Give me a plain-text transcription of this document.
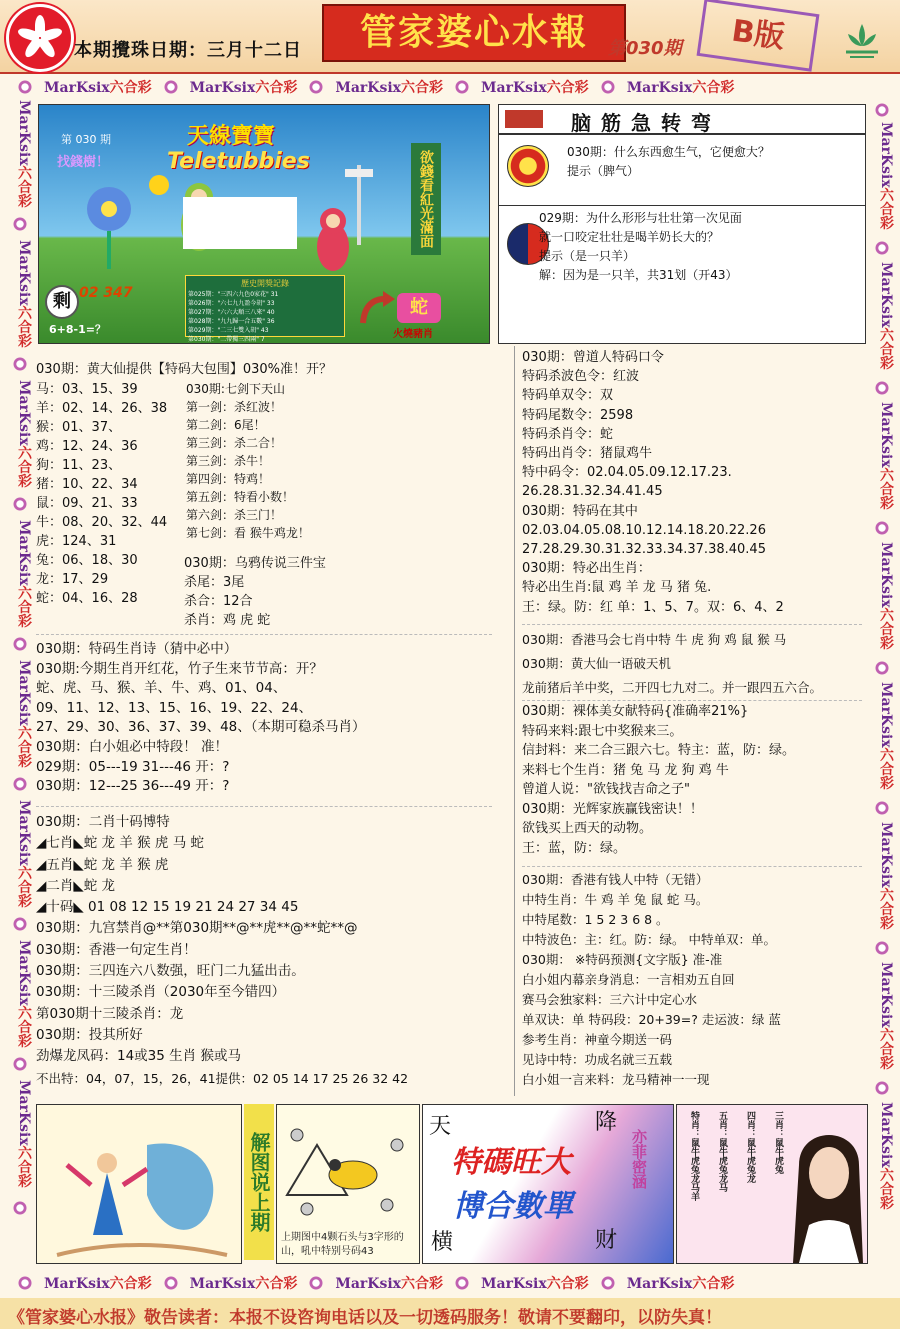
本期攪珠日期：三月十二日	管家婆心水報	第030期	B版
MarKsix六合彩	MarKsix六合彩	MarKsix六合彩	MarKsix六合彩	MarKsix六合彩
MarKsix六合彩
MarKsix六合彩
MarKsix六合彩
MarKsix六合彩
MarKsix六合彩
MarKsix六合彩
MarKsix六合彩
MarKsix六合彩
MarKsix六合彩
MarKsix六合彩
MarKsix六合彩
MarKsix六合彩
MarKsix六合彩
MarKsix六合彩
MarKsix六合彩
MarKsix六合彩
第 030 期
找錢樹！
天線寶寶
Teletubbies	欲錢看紅光滿面
歷史開獎記錄
第025期："三四六九色0家花" 31
第026期："六七九九盈今胡" 33
第027期："六六大順三八來" 40
第028期："九九歸一合五數" 36
第029期："二三七雙入胡" 43
第030期："二帶獨三四兩" 7
剩 02 347
6+8-1=？
蛇
火燒豬肖
脑筋急转弯
030期：什么东西愈生气，它便愈大？
提示（脾气）
029期：为什么形形与壮壮第一次见面
就一口咬定壮壮是喝羊奶长大的？
提示（是一只羊）
解：因为是一只羊，共31划（开43）

030期：黄大仙提供【特码大包围】030%准！开？

马：03、15、39

羊：02、14、26、38

猴：01、37、

鸡：12、24、36

狗：11、23、

猪：10、22、34

鼠：09、21、33

牛：08、20、32、44

虎：124、31

兔：06、18、30

龙：17、29

蛇：04、16、28

030期:七剑下天山

第一剑：杀红波！

第二剑：6尾！

第三剑：杀二合！

第三剑：杀牛！

第四剑：特鸡！

第五剑：特看小数！

第六剑：杀三门！

第七剑：看 猴牛鸡龙！

030期：乌鸦传说三件宝

杀尾：3尾

杀合：12合

杀肖：鸡 虎 蛇

030期：特码生肖诗（猜中必中）

030期:今期生肖开红花，竹子生来节节高：开？

蛇、虎、马、猴、羊、牛、鸡、01、04、

09、11、12、13、15、16、19、22、24、

27、29、30、36、37、39、48、（本期可稳杀马肖）

030期：白小姐必中特段！ 准！

029期：05---19 31---46 开：?

030期：12---25 36---49 开：?

030期：二肖十码博特

◢七肖◣蛇 龙 羊 猴 虎 马 蛇

◢五肖◣蛇 龙 羊 猴 虎

◢二肖◣蛇 龙

◢十码◣ 01 08 12 15 19 21 24 27 34 45

030期：九宫禁肖@**第030期**@**虎**@**蛇**@

030期：香港一句定生肖！

030期：三四连六八数强，旺门二九猛出击。

030期：十三陵杀肖（2030年至今错四）

第030期十三陵杀肖：龙

030期：投其所好

劲爆龙凤码：14或35 生肖 猴或马

不出特：04，07，15，26，41提供：02 05 14 17 25 26 32 42

030期：曾道人特码口令

特码杀波色令：红波

特码单双令：双

特码尾数令：2598

特码杀肖令：蛇

特码出肖令：猪鼠鸡牛

特中码令：02.04.05.09.12.17.23.

26.28.31.32.34.41.45

030期：特码在其中

02.03.04.05.08.10.12.14.18.20.22.26

27.28.29.30.31.32.33.34.37.38.40.45

030期：特必出生肖：

特必出生肖:鼠 鸡 羊 龙 马 猪 兔.

王：绿。防：红 单：1、5、7。双：6、4、2

030期：香港马会七肖中特 牛 虎 狗 鸡 鼠 猴 马

030期：黄大仙一语破天机

龙前猪后羊中奖，二开四七九对二。并一跟四五六合。

030期：裸体美女献特码{准确率21%}

特码来料:跟七中奖猴来三。

信封料：来二合三跟六七。特主：蓝，防：绿。

来料七个生肖：猪 兔 马 龙 狗 鸡 牛

曾道人说："欲钱找吉命之子"

030期：光辉家族赢钱密诀！！

欲钱买上西天的动物。

王：蓝，防：绿。

030期：香港有钱人中特（无错）

中特生肖：牛 鸡 羊 兔 鼠 蛇 马。

中特尾数：1 5 2 3 6 8 。

中特波色：主：红。防：绿。 中特单双：单。

030期： ※特码预测{文字版} 准-准

白小姐内幕亲身消息：一言相劝五自回

赛马会独家料：三六计中定心水

单双诀：单 特码段：20+39=? 走运波：绿 蓝

参考生肖：神童今期送一码

见诗中特：功成名就三五载

白小姐一言来料：龙马精神一一现

解图说上期
上期图中4颗石头与3字形的山，吼中特别号码43
天	降
横	财
特碼旺大
博合數單
亦菲密涵	特肖：鼠牛虎兔龙马羊	五肖：鼠牛虎兔龙马	四肖：鼠牛虎兔龙	三肖：鼠牛虎兔
MarKsix六合彩	MarKsix六合彩	MarKsix六合彩	MarKsix六合彩	MarKsix六合彩
《管家婆心水报》敬告读者：本报不设咨询电话以及一切透码服务！敬请不要翻印，以防失真！
